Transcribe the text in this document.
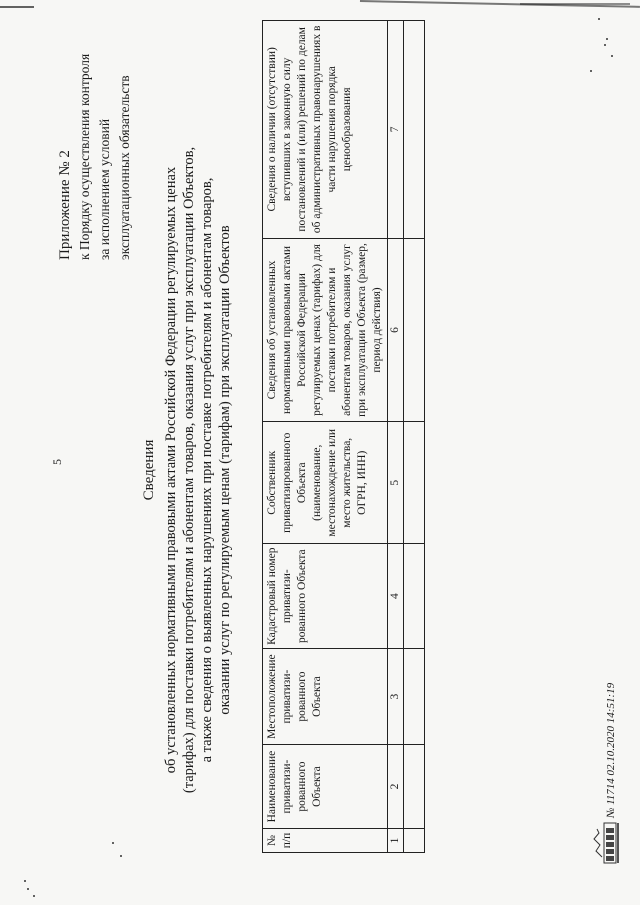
5
Приложение № 2 к Порядку осуществления контроля за исполнением условий эксплуатационных обязательств
Сведения об установленных нормативными правовыми актами Российской Федерации регулируемых ценах (тарифах) для поставки потребителям и абонентам товаров, оказания услуг при эксплуатации Объектов, а также сведения о выявленных нарушениях при поставке потребителям и абонентам товаров, оказании услуг по регулируемым ценам (тарифам) при эксплуатации Объектов
№ п/п	Наименование приватизи-рованного Объекта	Местоположение приватизи-рованного Объекта	Кадастровый номер приватизи-рованного Объекта	Собственник приватизированного Объекта (наименование, местонахождение или место жительства, ОГРН, ИНН)	Сведения об установленных нормативными правовыми актами Российской Федерации регулируемых ценах (тарифах) для поставки потребителям и абонентам товаров, оказания услуг при эксплуатации Объекта (размер, период действия)	Сведения о наличии (отсутствии) вступивших в законную силу постановлений и (или) решений по делам об административных правонарушениях в части нарушения порядка ценообразования
1	2	3	4	5	6	7

№ 11714 02.10.2020 14:51:19
